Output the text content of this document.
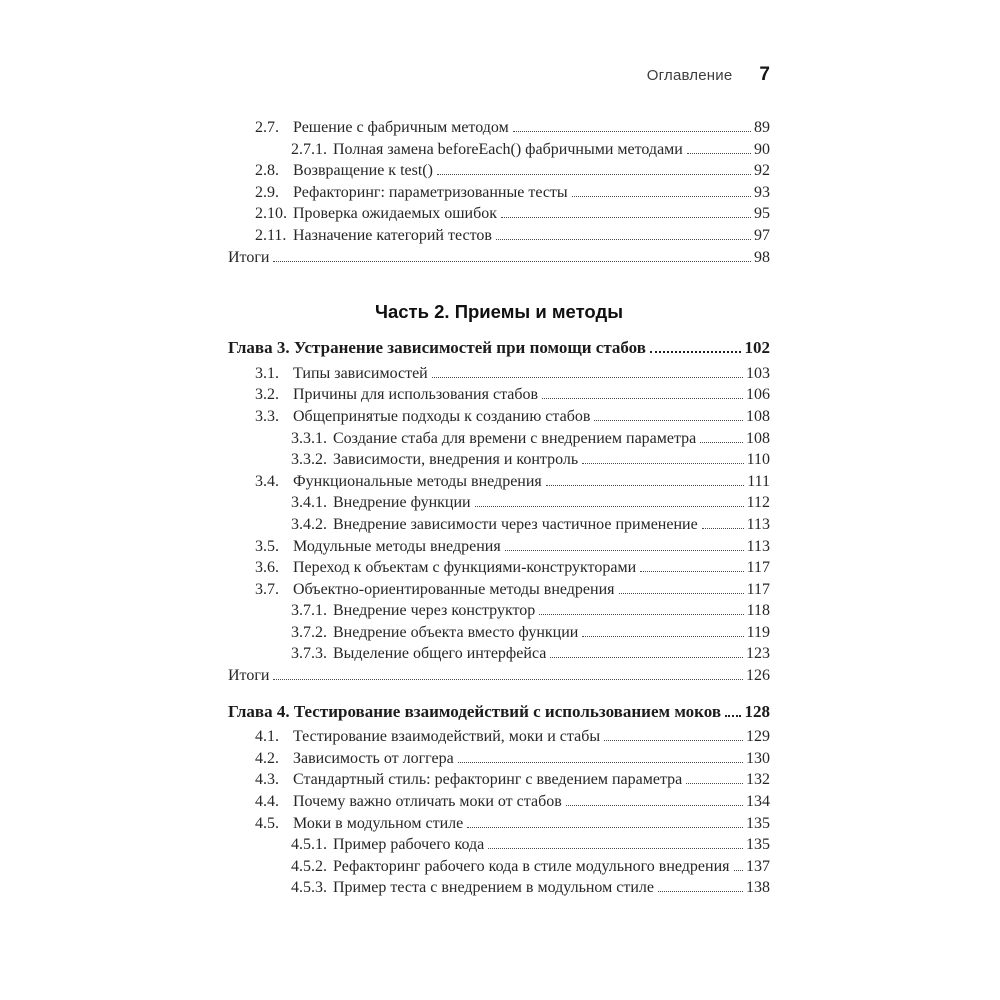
Оглавление 7
2.7. Решение с фабричным методом	89
2.7.1. Полная замена beforeEach() фабричными методами	90
2.8. Возвращение к test()	92
2.9. Рефакторинг: параметризованные тесты	93
2.10. Проверка ожидаемых ошибок	95
2.11. Назначение категорий тестов	97
Итоги	98
Часть 2. Приемы и методы
Глава 3. Устранение зависимостей при помощи стабов	102
3.1. Типы зависимостей	103
3.2. Причины для использования стабов	106
3.3. Общепринятые подходы к созданию стабов	108
3.3.1. Создание стаба для времени с внедрением параметра	108
3.3.2. Зависимости, внедрения и контроль	110
3.4. Функциональные методы внедрения	111
3.4.1. Внедрение функции	112
3.4.2. Внедрение зависимости через частичное применение	113
3.5. Модульные методы внедрения	113
3.6. Переход к объектам с функциями-конструкторами	117
3.7. Объектно-ориентированные методы внедрения	117
3.7.1. Внедрение через конструктор	118
3.7.2. Внедрение объекта вместо функции	119
3.7.3. Выделение общего интерфейса	123
Итоги	126
Глава 4. Тестирование взаимодействий с использованием моков 128
4.1. Тестирование взаимодействий, моки и стабы	129
4.2. Зависимость от логгера	130
4.3. Стандартный стиль: рефакторинг с введением параметра	132
4.4. Почему важно отличать моки от стабов	134
4.5. Моки в модульном стиле	135
4.5.1. Пример рабочего кода	135
4.5.2. Рефакторинг рабочего кода в стиле модульного внедрения 137
4.5.3. Пример теста с внедрением в модульном стиле	138
